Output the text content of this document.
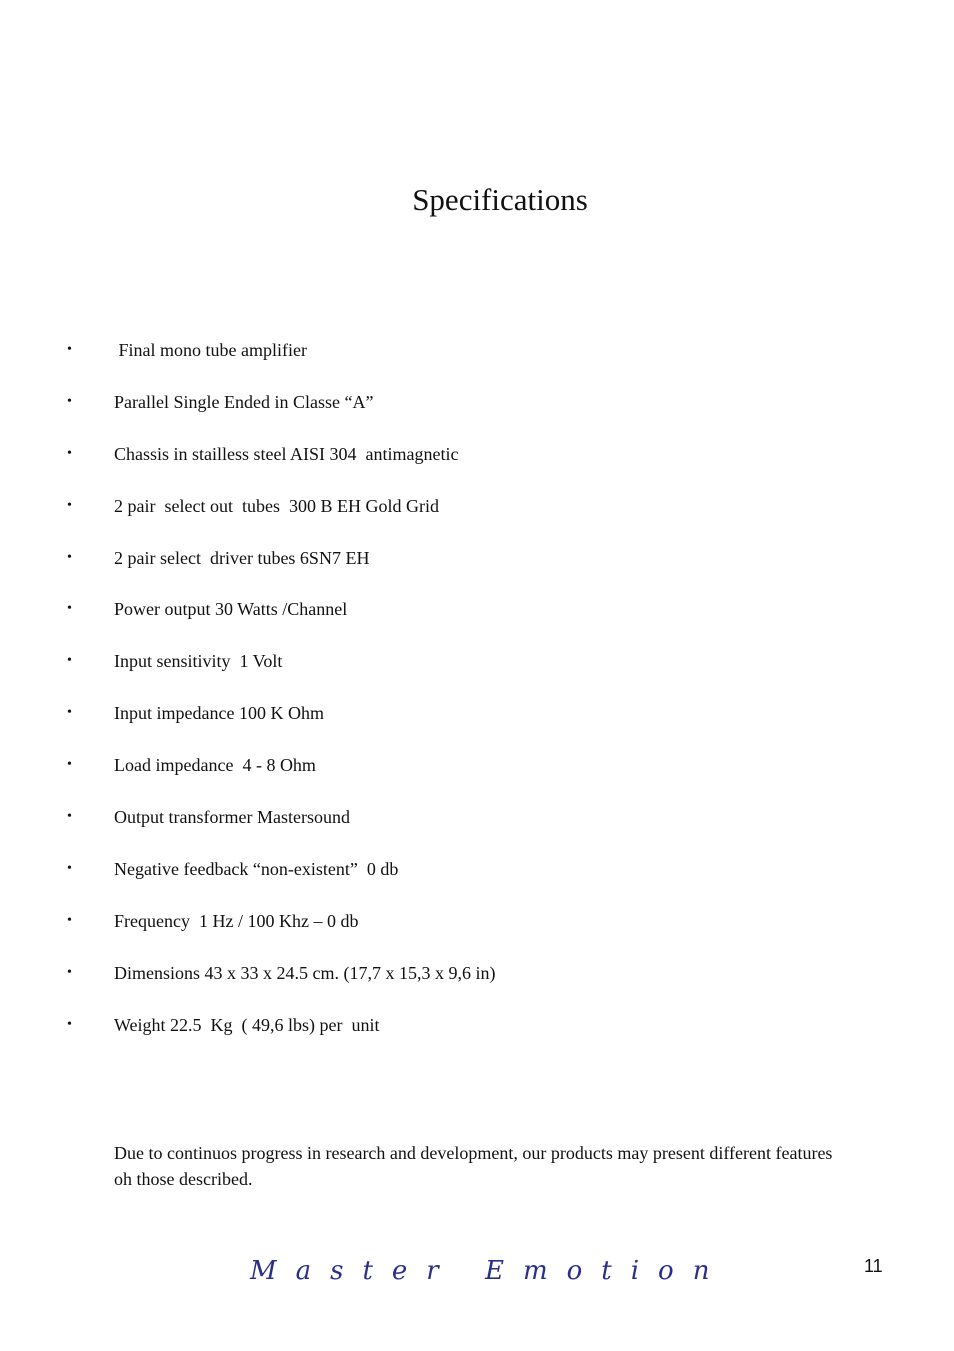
Specifications
• Final mono tube amplifier
• Parallel Single Ended in Classe “A”
• Chassis in stailless steel AISI 304  antimagnetic
• 2 pair  select out  tubes  300 B EH Gold Grid
• 2 pair select  driver tubes 6SN7 EH
• Power output 30 Watts /Channel
• Input sensitivity  1 Volt
• Input impedance 100 K Ohm
• Load impedance  4 - 8 Ohm
• Output transformer Mastersound
• Negative feedback “non-existent”  0 db
• Frequency  1 Hz / 100 Khz – 0 db
• Dimensions 43 x 33 x 24.5 cm. (17,7 x 15,3 x 9,6 in)
• Weight 22.5  Kg  ( 49,6 lbs) per  unit

Due to continuos progress in research and development, our products may present different features oh those described.

Master Emotion	11
